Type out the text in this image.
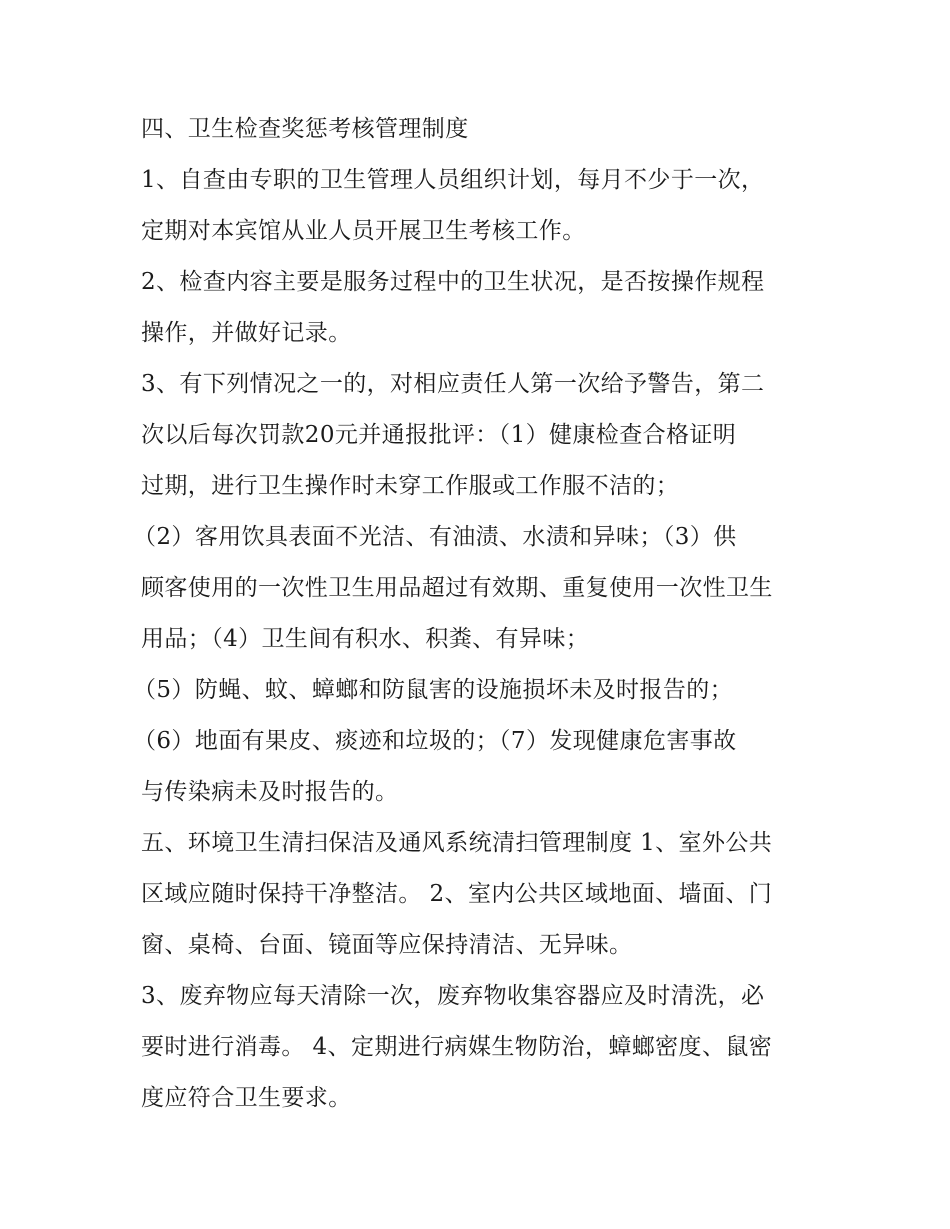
四、卫生检查奖惩考核管理制度
1、自查由专职的卫生管理人员组织计划，每月不少于一次，
定期对本宾馆从业人员开展卫生考核工作。
2、检查内容主要是服务过程中的卫生状况，是否按操作规程
操作，并做好记录。
3、有下列情况之一的，对相应责任人第一次给予警告，第二
次以后每次罚款20元并通报批评：（1）健康检查合格证明
过期，进行卫生操作时未穿工作服或工作服不洁的；
（2）客用饮具表面不光洁、有油渍、水渍和异味；（3）供
顾客使用的一次性卫生用品超过有效期、重复使用一次性卫生
用品；（4）卫生间有积水、积粪、有异味；
（5）防蝇、蚊、蟑螂和防鼠害的设施损坏未及时报告的；
（6）地面有果皮、痰迹和垃圾的；（7）发现健康危害事故
与传染病未及时报告的。
五、环境卫生清扫保洁及通风系统清扫管理制度 1、室外公共
区域应随时保持干净整洁。 2、室内公共区域地面、墙面、门
窗、桌椅、台面、镜面等应保持清洁、无异味。
3、废弃物应每天清除一次，废弃物收集容器应及时清洗，必
要时进行消毒。 4、定期进行病媒生物防治，蟑螂密度、鼠密
度应符合卫生要求。
